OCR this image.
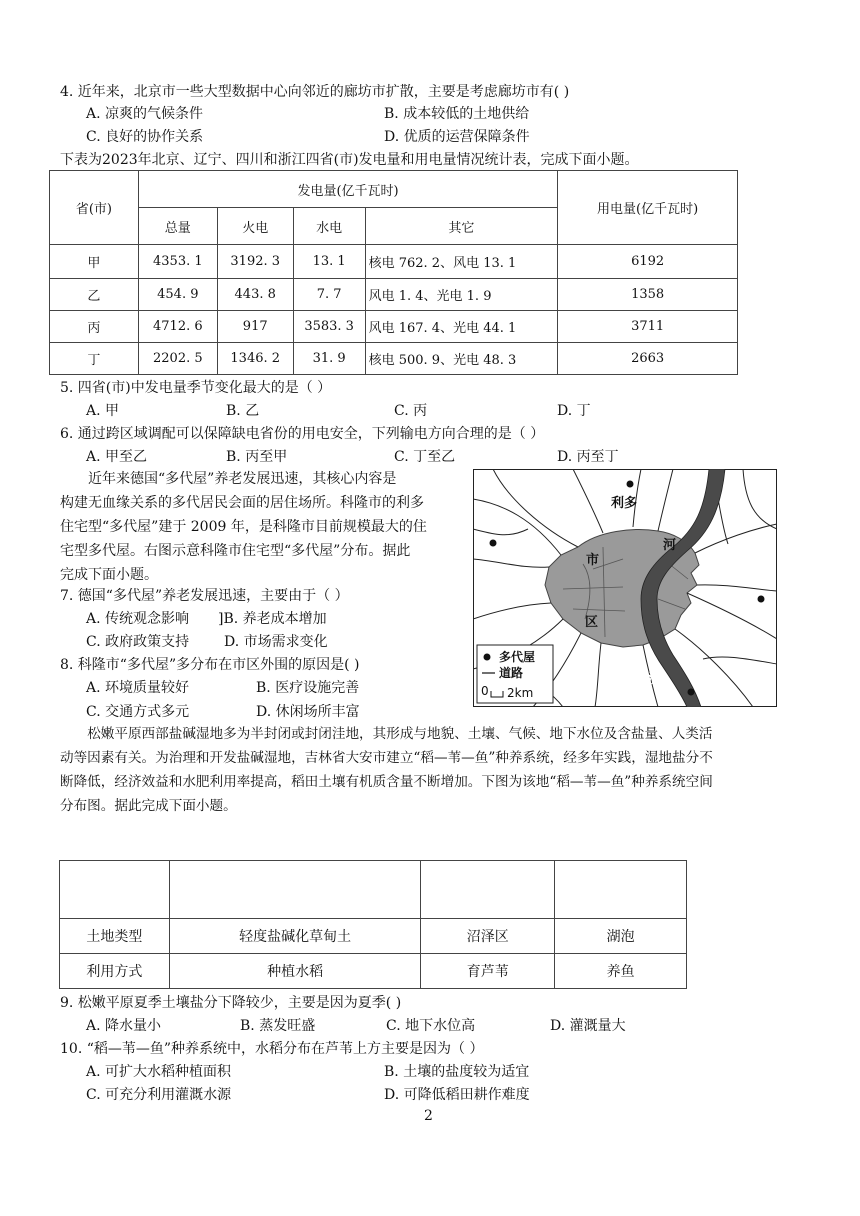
4. 近年来，北京市一些大型数据中心向邻近的廊坊市扩散，主要是考虑廊坊市有( )
A. 凉爽的气候条件	B. 成本较低的土地供给
C. 良好的协作关系	D. 优质的运营保障条件
下表为2023年北京、辽宁、四川和浙江四省(市)发电量和用电量情况统计表，完成下面小题。
省(市)	发电量(亿千瓦时)				用电量(亿千瓦时)
	总量	火电	水电	其它	
甲	4353. 1	3192. 3	13. 1	核电 762. 2、风电 13. 1	6192
乙	454. 9	443. 8	7. 7	风电 1. 4、光电 1. 9	1358
丙	4712. 6	917	3583. 3	风电 167. 4、光电 44. 1	3711
丁	2202. 5	1346. 2	31. 9	核电 500. 9、光电 48. 3	2663
5. 四省(市)中发电量季节变化最大的是（ ）
A. 甲	B. 乙	C. 丙	D. 丁
6. 通过跨区域调配可以保障缺电省份的用电安全，下列输电方向合理的是（ ）
A. 甲至乙	B. 丙至甲	C. 丁至乙	D. 丙至丁
近年来德国“多代屋”养老发展迅速，其核心内容是
构建无血缘关系的多代居民会面的居住场所。科隆市的利多
住宅型“多代屋”建于 2009 年，是科隆市目前规模最大的住
宅型多代屋。右图示意科隆市住宅型“多代屋”分布。据此
完成下面小题。
利多
河
市
区
流
多代屋
道路
0 2km
7. 德国“多代屋”养老发展迅速，主要由于（ ）
A. 传统观念影响 ]B. 养老成本增加
C. 政府政策支持 D. 市场需求变化
8. 科隆市“多代屋”多分布在市区外围的原因是( )
A. 环境质量较好	B. 医疗设施完善
C. 交通方式多元	D. 休闲场所丰富
松嫩平原西部盐碱湿地多为半封闭或封闭洼地，其形成与地貌、土壤、气候、地下水位及含盐量、人类活
动等因素有关。为治理和开发盐碱湿地，吉林省大安市建立“稻—苇—鱼”种养系统，经多年实践，湿地盐分不
断降低，经济效益和水肥利用率提高，稻田土壤有机质含量不断增加。下图为该地“稻—苇—鱼”种养系统空间
分布图。据此完成下面小题。

土地类型	轻度盐碱化草甸土	沼泽区	湖泡
利用方式	种植水稻	育芦苇	养鱼
9. 松嫩平原夏季土壤盐分下降较少，主要是因为夏季( )
A. 降水量小	B. 蒸发旺盛	C. 地下水位高	D. 灌溉量大
10. “稻—苇—鱼”种养系统中，水稻分布在芦苇上方主要是因为（ ）
A. 可扩大水稻种植面积	B. 土壤的盐度较为适宜
C. 可充分利用灌溉水源	D. 可降低稻田耕作难度
2
